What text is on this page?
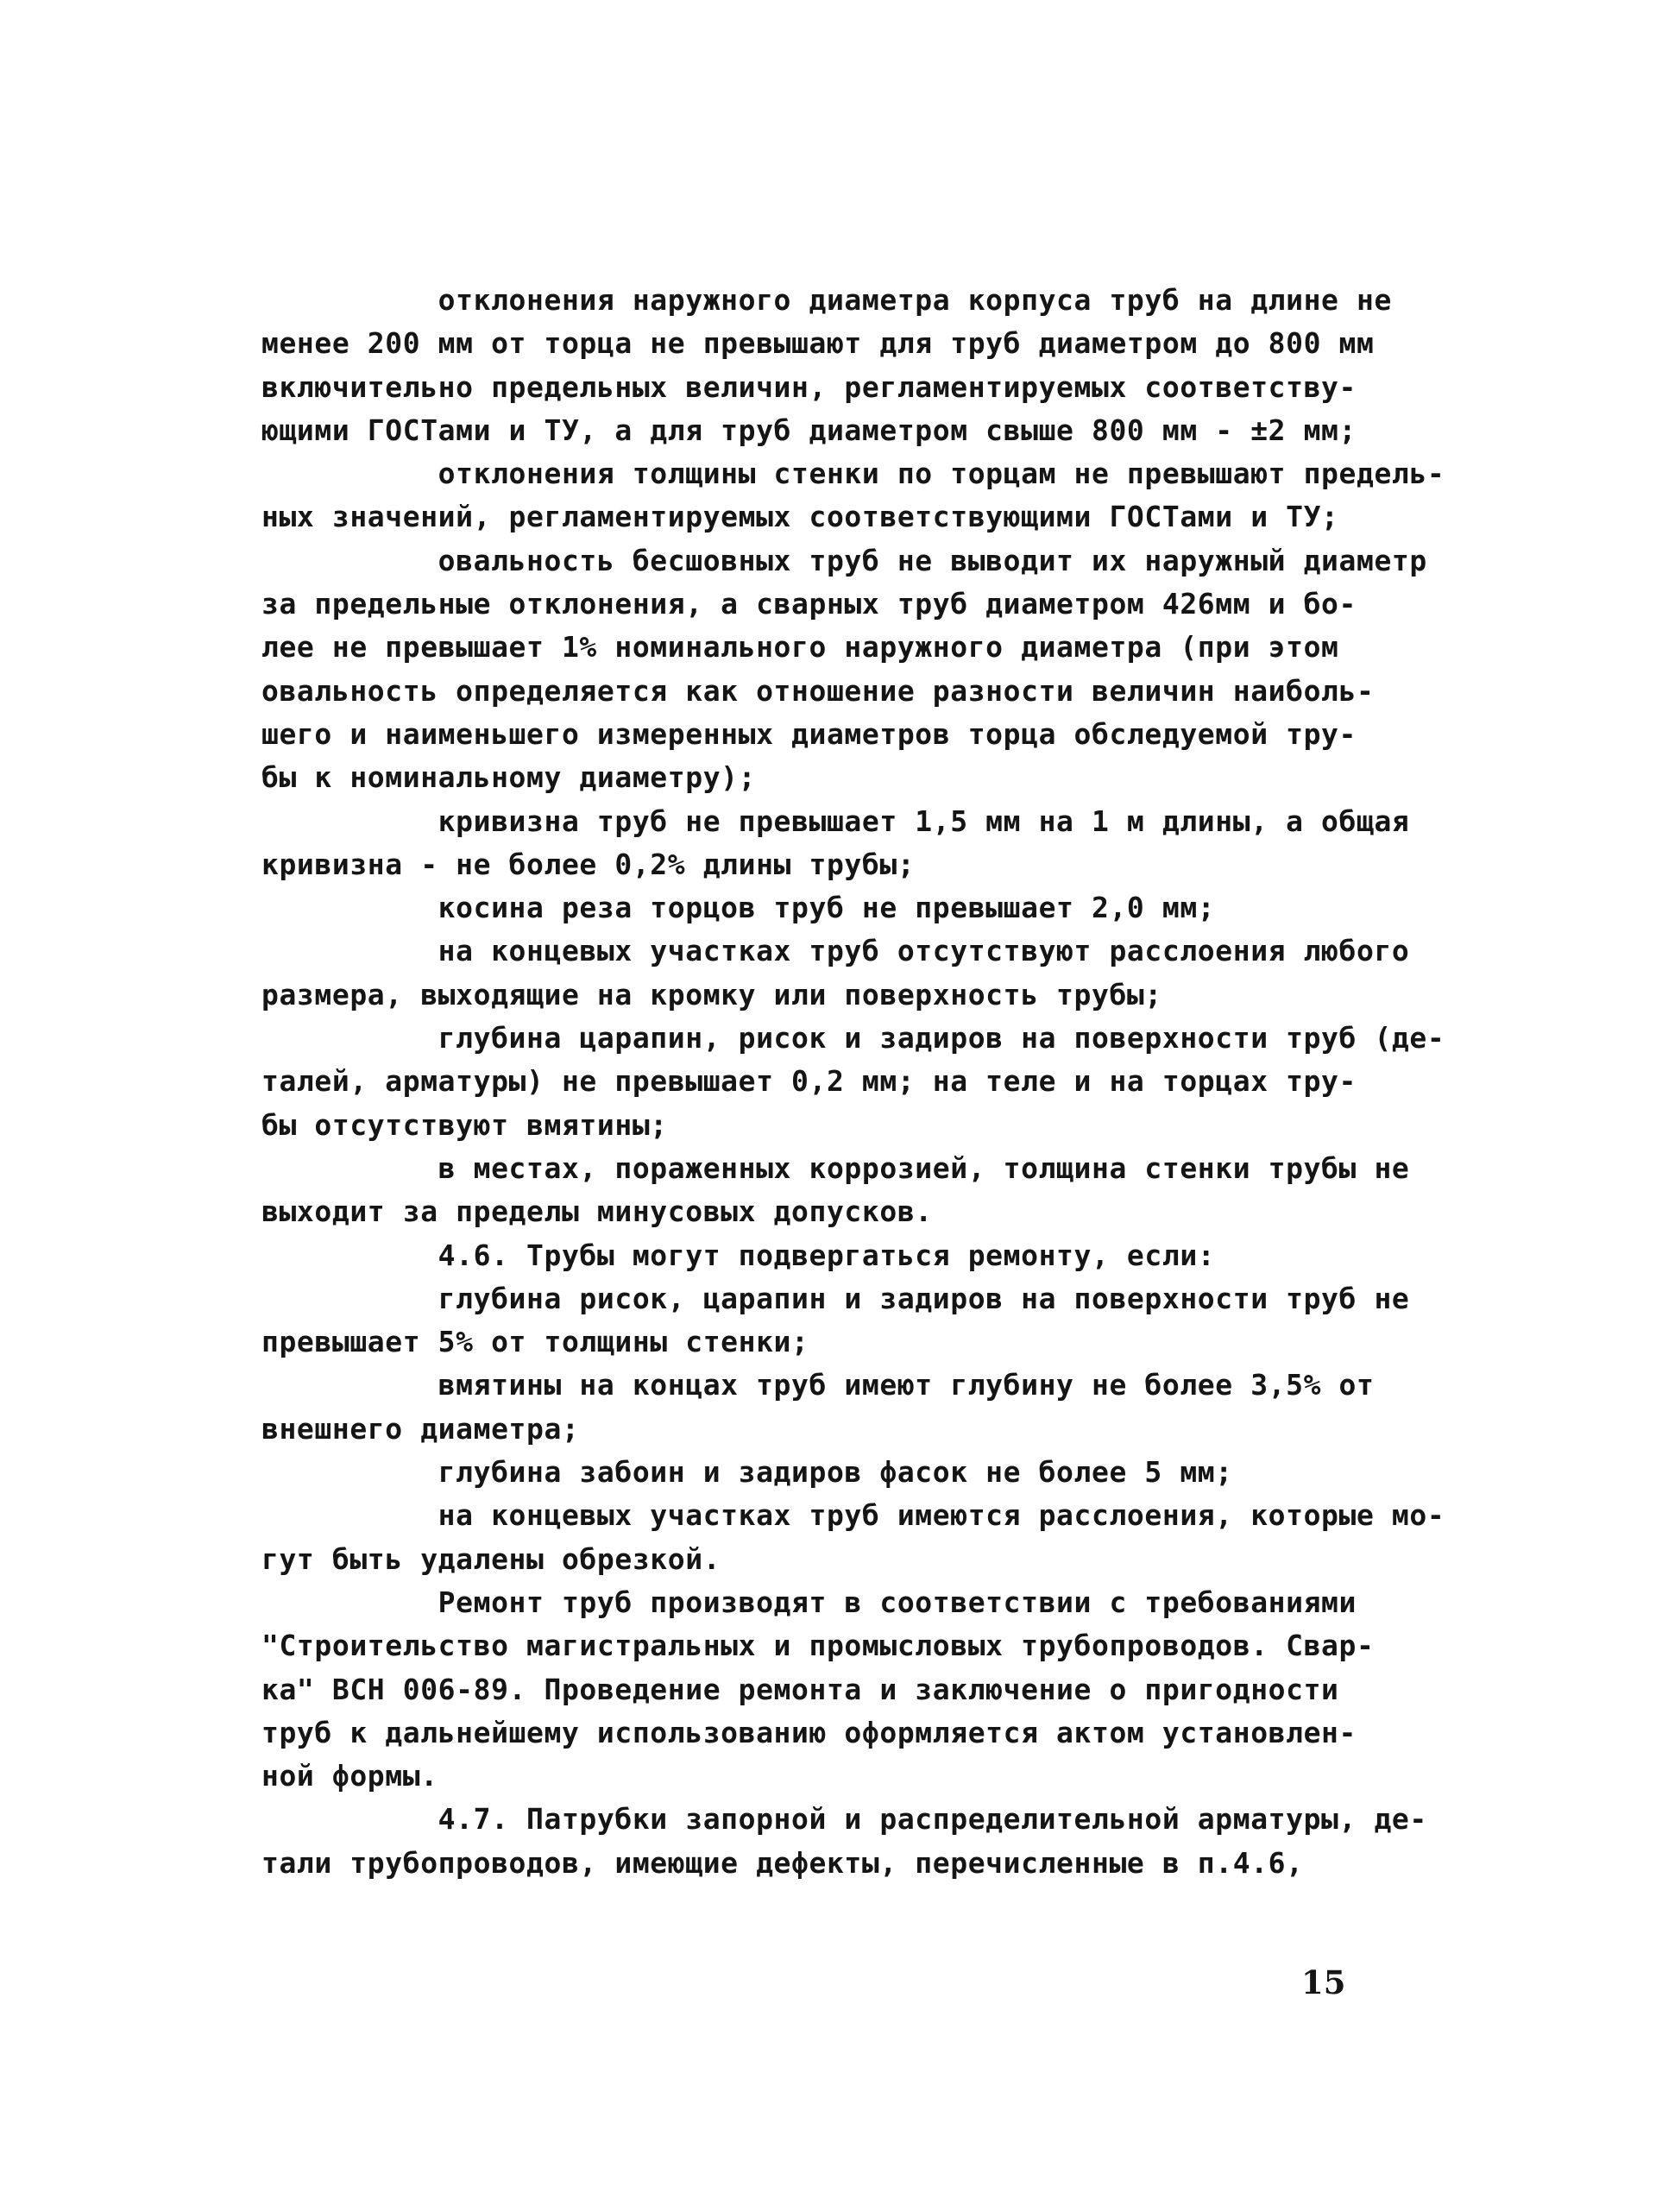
отклонения наружного диаметра корпуса труб на длине не
менее 200 мм от торца не превышают для труб диаметром до 800 мм
включительно предельных величин, регламентируемых соответству-
ющими ГОСТами и ТУ, а для труб диаметром свыше 800 мм - ±2 мм;
отклонения толщины стенки по торцам не превышают предель-
ных значений, регламентируемых соответствующими ГОСТами и ТУ;
овальность бесшовных труб не выводит их наружный диаметр
за предельные отклонения, а сварных труб диаметром 426мм и бо-
лее не превышает 1% номинального наружного диаметра (при этом
овальность определяется как отношение разности величин наиболь-
шего и наименьшего измеренных диаметров торца обследуемой тру-
бы к номинальному диаметру);
кривизна труб не превышает 1,5 мм на 1 м длины, а общая
кривизна - не более 0,2% длины трубы;
косина реза торцов труб не превышает 2,0 мм;
на концевых участках труб отсутствуют расслоения любого
размера, выходящие на кромку или поверхность трубы;
глубина царапин, рисок и задиров на поверхности труб (де-
талей, арматуры) не превышает 0,2 мм; на теле и на торцах тру-
бы отсутствуют вмятины;
в местах, пораженных коррозией, толщина стенки трубы не
выходит за пределы минусовых допусков.
4.6. Трубы могут подвергаться ремонту, если:
глубина рисок, царапин и задиров на поверхности труб не
превышает 5% от толщины стенки;
вмятины на концах труб имеют глубину не более 3,5% от
внешнего диаметра;
глубина забоин и задиров фасок не более 5 мм;
на концевых участках труб имеются расслоения, которые мо-
гут быть удалены обрезкой.
Ремонт труб производят в соответствии с требованиями
"Строительство магистральных и промысловых трубопроводов. Свар-
ка" ВСН 006-89. Проведение ремонта и заключение о пригодности
труб к дальнейшему использованию оформляется актом установлен-
ной формы.
4.7. Патрубки запорной и распределительной арматуры, де-
тали трубопроводов, имеющие дефекты, перечисленные в п.4.6,
15
